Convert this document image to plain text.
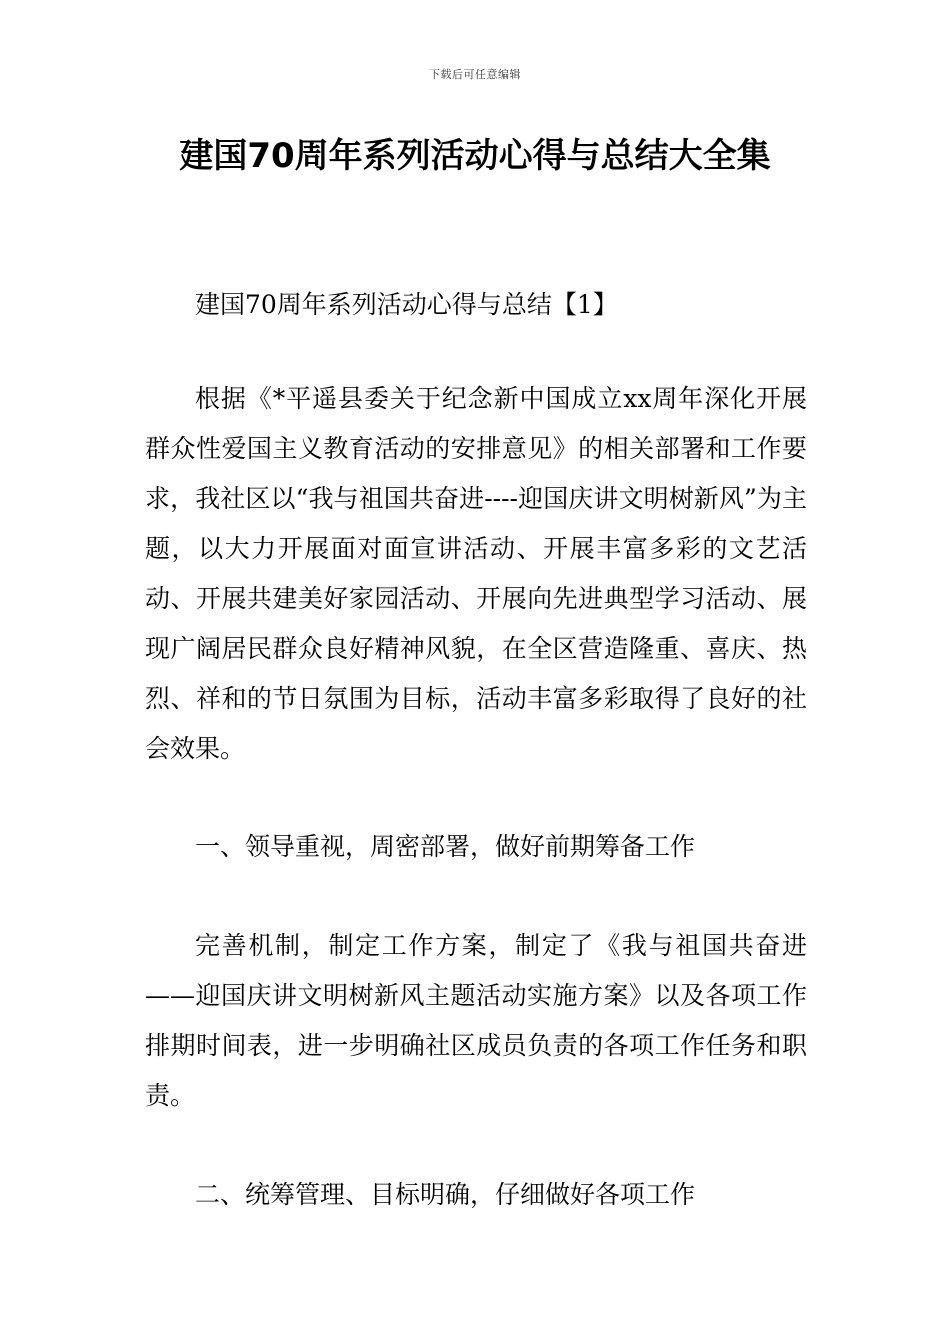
下载后可任意编辑
建国70周年系列活动心得与总结大全集

建国70周年系列活动心得与总结【1】

根据《*平遥县委关于纪念新中国成立xx周年深化开展群众性爱国主义教育活动的安排意见》的相关部署和工作要求，我社区以“我与祖国共奋进----迎国庆讲文明树新风”为主题，以大力开展面对面宣讲活动、开展丰富多彩的文艺活动、开展共建美好家园活动、开展向先进典型学习活动、展现广阔居民群众良好精神风貌，在全区营造隆重、喜庆、热烈、祥和的节日氛围为目标，活动丰富多彩取得了良好的社会效果。

一、领导重视，周密部署，做好前期筹备工作

完善机制，制定工作方案，制定了《我与祖国共奋进——迎国庆讲文明树新风主题活动实施方案》以及各项工作排期时间表，进一步明确社区成员负责的各项工作任务和职责。

二、统筹管理、目标明确，仔细做好各项工作
